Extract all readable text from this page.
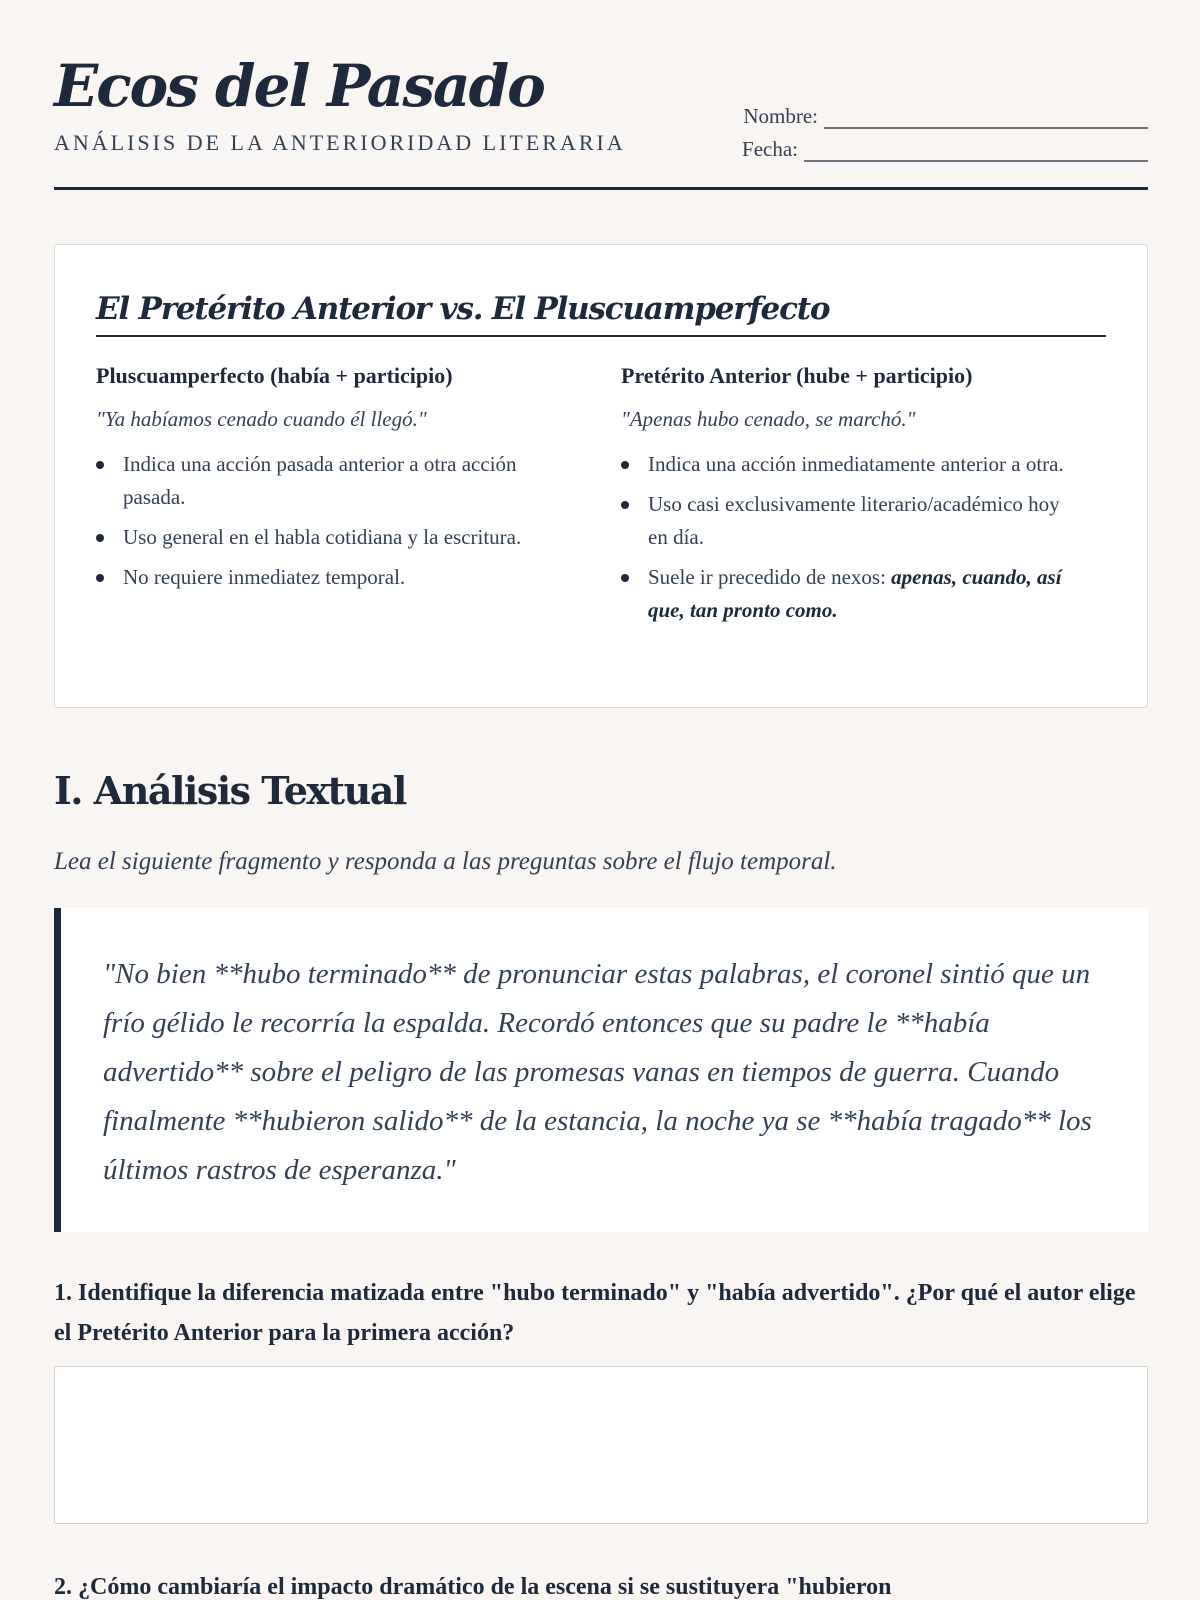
Ecos del Pasado
ANÁLISIS DE LA ANTERIORIDAD LITERARIA
Nombre:
Fecha:
El Pretérito Anterior vs. El Pluscuamperfecto
Pluscuamperfecto (había + participio)
"Ya habíamos cenado cuando él llegó."
Indica una acción pasada anterior a otra acción pasada.
Uso general en el habla cotidiana y la escritura.
No requiere inmediatez temporal.
Pretérito Anterior (hube + participio)
"Apenas hubo cenado, se marchó."
Indica una acción inmediatamente anterior a otra.
Uso casi exclusivamente literario/académico hoy en día.
Suele ir precedido de nexos: apenas, cuando, así que, tan pronto como.
I. Análisis Textual

Lea el siguiente fragmento y responda a las preguntas sobre el flujo temporal.

"No bien **hubo terminado** de pronunciar estas palabras, el coronel sintió que un frío gélido le recorría la espalda. Recordó entonces que su padre le **había advertido** sobre el peligro de las promesas vanas en tiempos de guerra. Cuando finalmente **hubieron salido** de la estancia, la noche ya se **había tragado** los últimos rastros de esperanza."

1. Identifique la diferencia matizada entre "hubo terminado" y "había advertido". ¿Por qué el autor elige el Pretérito Anterior para la primera acción?
2. ¿Cómo cambiaría el impacto dramático de la escena si se sustituyera "hubieron
